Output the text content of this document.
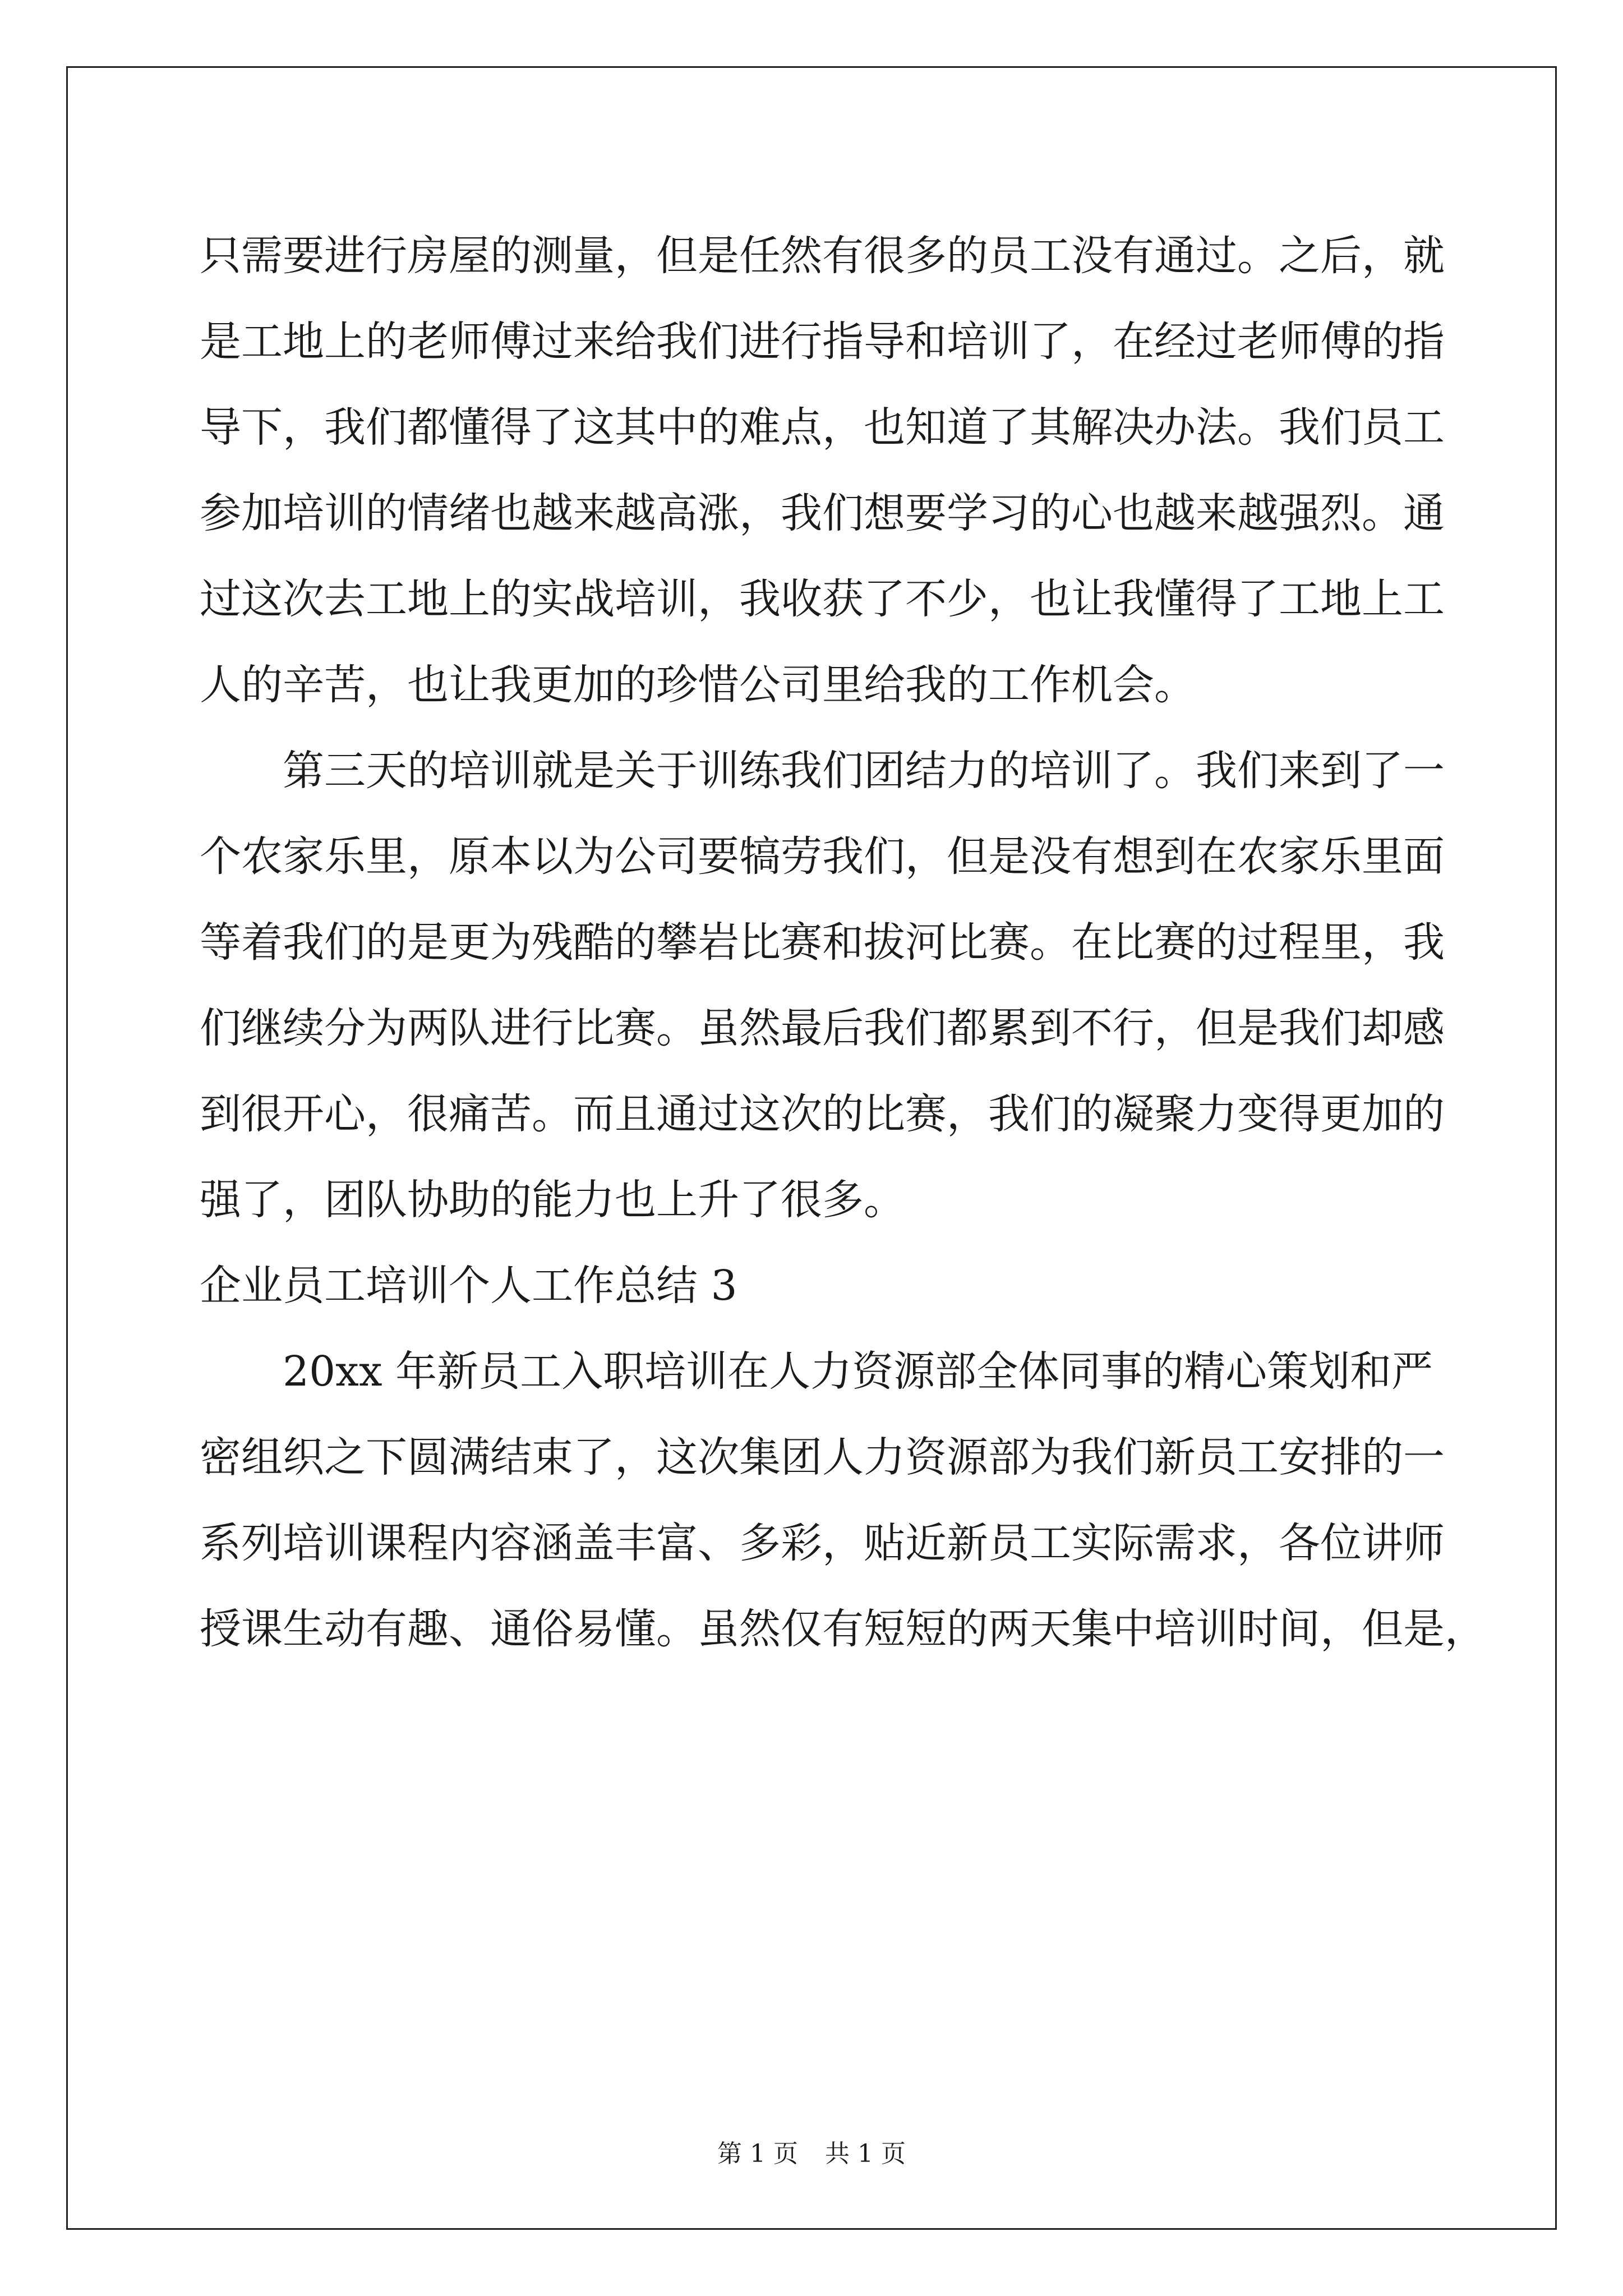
只需要进行房屋的测量，但是任然有很多的员工没有通过。之后，就
是工地上的老师傅过来给我们进行指导和培训了，在经过老师傅的指
导下，我们都懂得了这其中的难点，也知道了其解决办法。我们员工
参加培训的情绪也越来越高涨，我们想要学习的心也越来越强烈。通
过这次去工地上的实战培训，我收获了不少，也让我懂得了工地上工
人的辛苦，也让我更加的珍惜公司里给我的工作机会。
第三天的培训就是关于训练我们团结力的培训了。我们来到了一
个农家乐里，原本以为公司要犒劳我们，但是没有想到在农家乐里面
等着我们的是更为残酷的攀岩比赛和拔河比赛。在比赛的过程里，我
们继续分为两队进行比赛。虽然最后我们都累到不行，但是我们却感
到很开心，很痛苦。而且通过这次的比赛，我们的凝聚力变得更加的
强了，团队协助的能力也上升了很多。
企业员工培训个人工作总结 3
20xx 年新员工入职培训在人力资源部全体同事的精心策划和严
密组织之下圆满结束了，这次集团人力资源部为我们新员工安排的一
系列培训课程内容涵盖丰富、多彩，贴近新员工实际需求，各位讲师
授课生动有趣、通俗易懂。虽然仅有短短的两天集中培训时间，但是，
第 1 页 共 1 页
